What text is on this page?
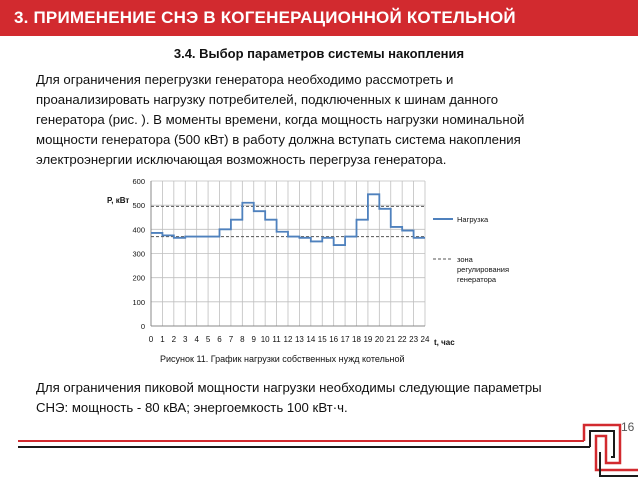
3. ПРИМЕНЕНИЕ СНЭ В КОГЕНЕРАЦИОННОЙ КОТЕЛЬНОЙ
3.4. Выбор параметров системы накопления
Для ограничения перегрузки генератора необходимо рассмотреть и
проанализировать нагрузку потребителей, подключенных к шинам данного
генератора (рис. ). В моменты времени, когда мощность нагрузки номинальной
мощности генератора (500 кВт) в работу должна вступать система накопления
электроэнергии исключающая возможность перегруза генератора.
0 1 2 3 4 5 6 7 8 9 10 11 12 13 14 15 16 17 18 19 20 21 22 23 24
0
100
200
300
400
500
600
Нагрузка
зона
регулирования
генератора
P, кВт
t, час
Рисунок 11. График нагрузки собственных нужд котельной
Для ограничения пиковой мощности нагрузки необходимы следующие параметры
СНЭ: мощность - 80 кВА; энергоемкость 100 кВт·ч.
16
